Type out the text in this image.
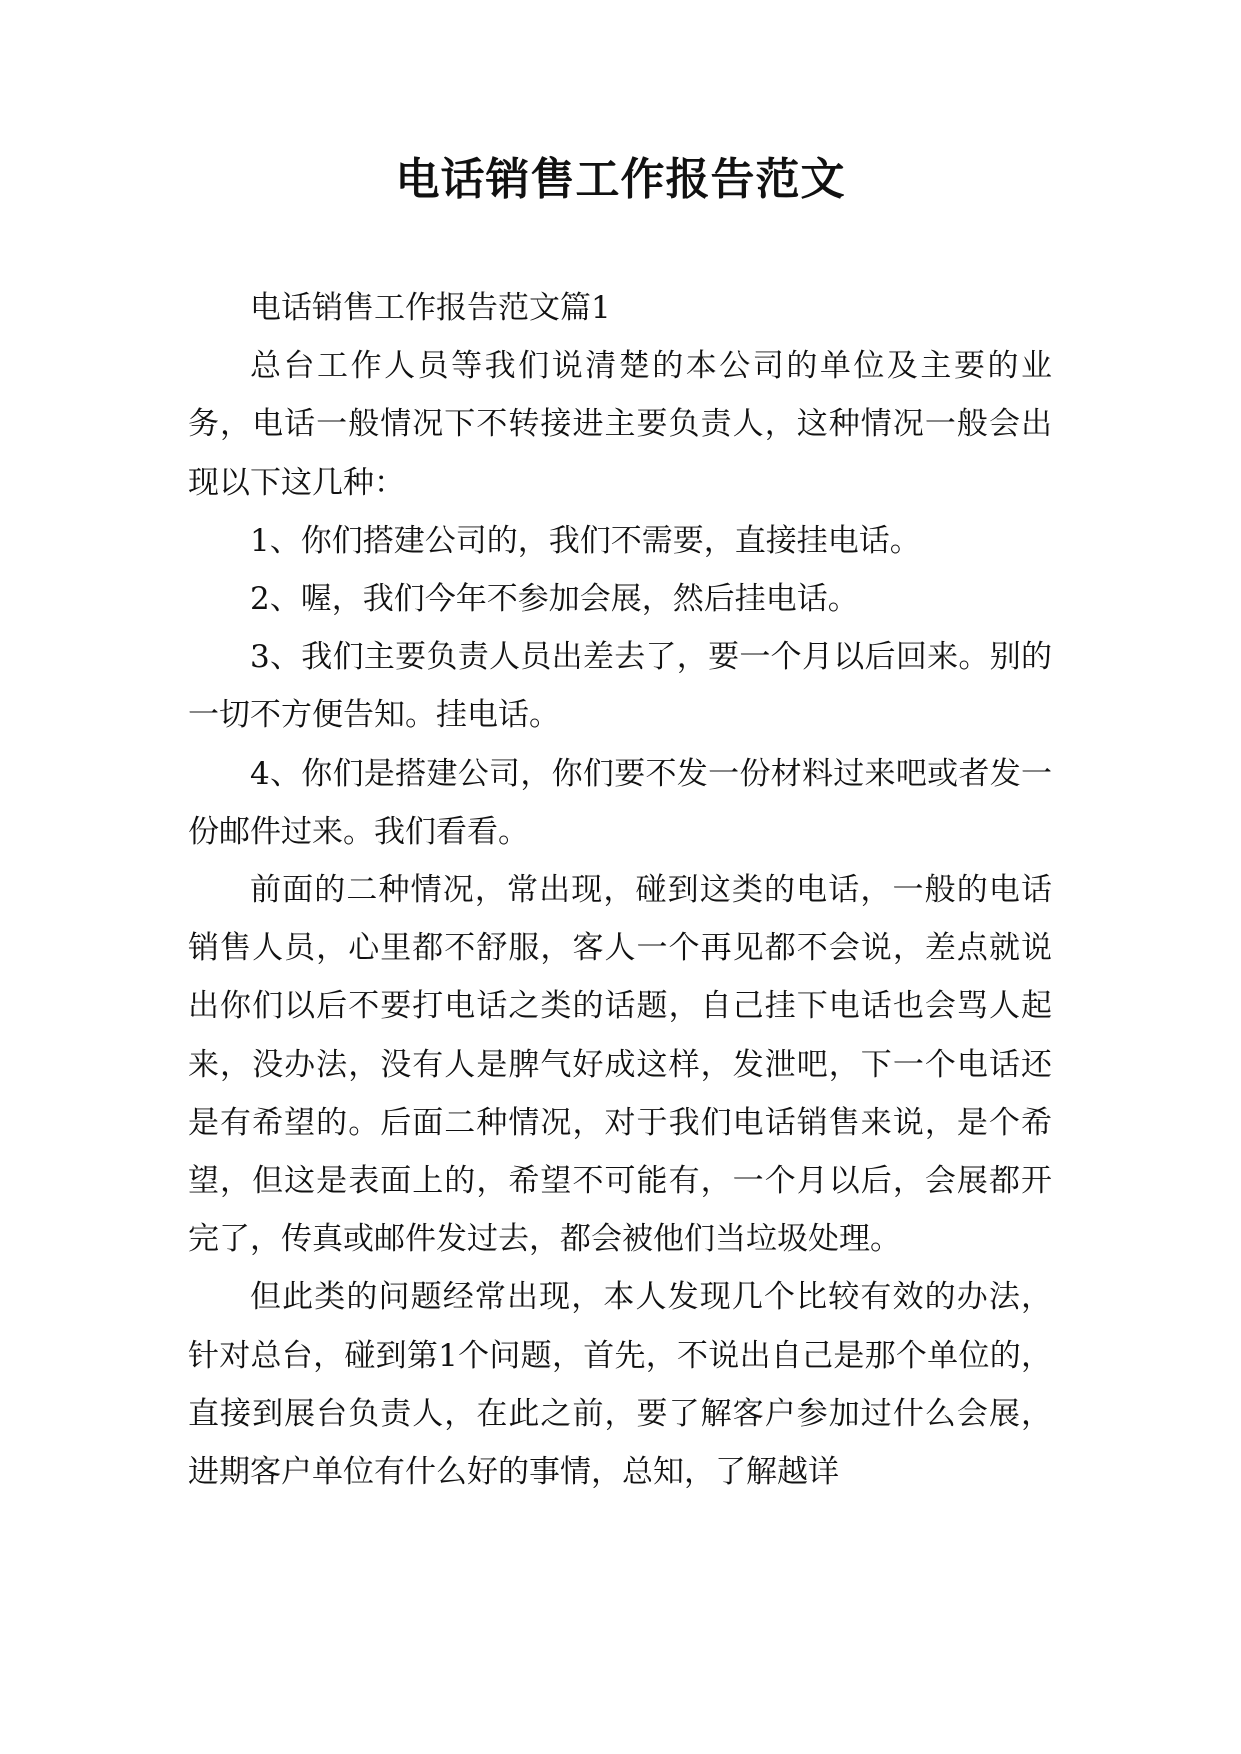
电话销售工作报告范文

电话销售工作报告范文篇1

总台工作人员等我们说清楚的本公司的单位及主要的业务，电话一般情况下不转接进主要负责人，这种情况一般会出现以下这几种：

1、你们搭建公司的，我们不需要，直接挂电话。

2、喔，我们今年不参加会展，然后挂电话。

3、我们主要负责人员出差去了，要一个月以后回来。别的一切不方便告知。挂电话。

4、你们是搭建公司，你们要不发一份材料过来吧或者发一份邮件过来。我们看看。

前面的二种情况，常出现，碰到这类的电话，一般的电话销售人员，心里都不舒服，客人一个再见都不会说，差点就说出你们以后不要打电话之类的话题，自己挂下电话也会骂人起来，没办法，没有人是脾气好成这样，发泄吧，下一个电话还是有希望的。后面二种情况，对于我们电话销售来说，是个希望，但这是表面上的，希望不可能有，一个月以后，会展都开完了，传真或邮件发过去，都会被他们当垃圾处理。

但此类的问题经常出现，本人发现几个比较有效的办法，针对总台，碰到第1个问题，首先，不说出自己是那个单位的，直接到展台负责人，在此之前，要了解客户参加过什么会展，进期客户单位有什么好的事情，总知，了解越详
